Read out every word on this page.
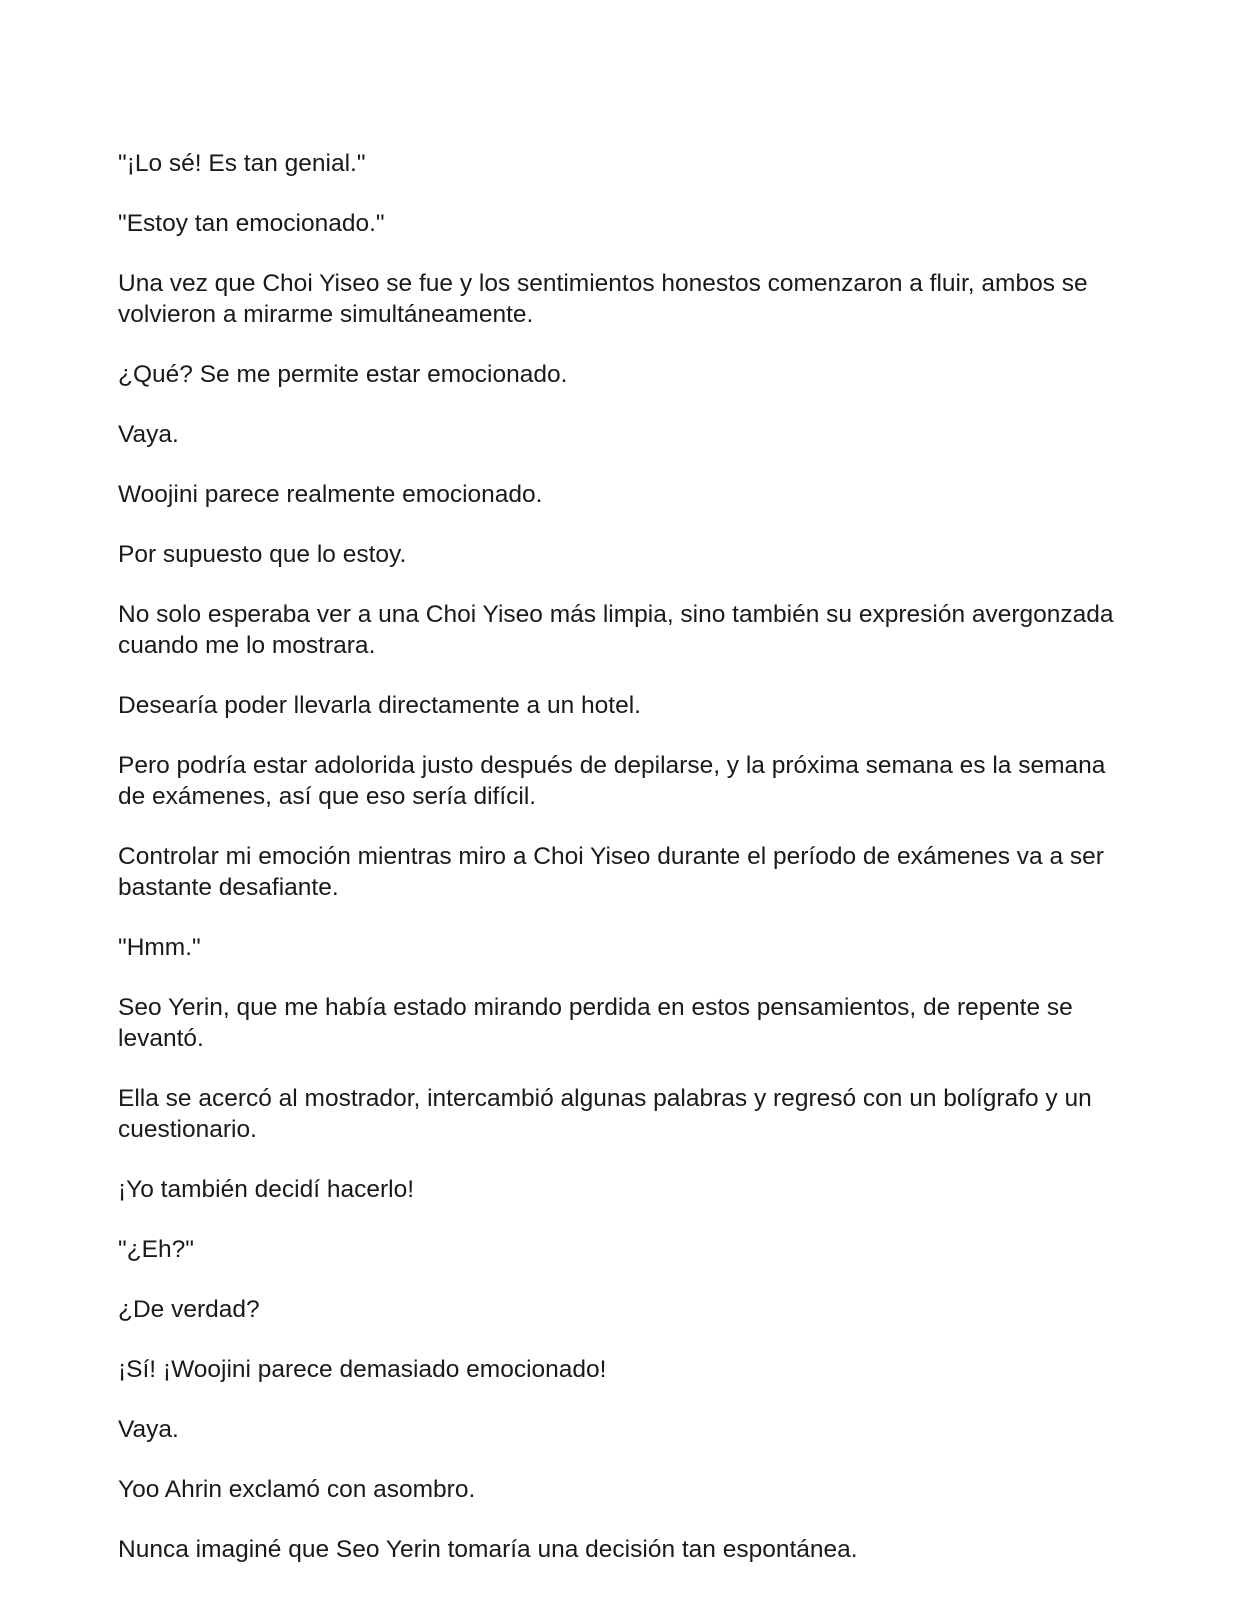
"¡Lo sé! Es tan genial."

"Estoy tan emocionado."

Una vez que Choi Yiseo se fue y los sentimientos honestos comenzaron a fluir, ambos se volvieron a mirarme simultáneamente.

¿Qué? Se me permite estar emocionado.

Vaya.

Woojini parece realmente emocionado.

Por supuesto que lo estoy.

No solo esperaba ver a una Choi Yiseo más limpia, sino también su expresión avergonzada cuando me lo mostrara.

Desearía poder llevarla directamente a un hotel.

Pero podría estar adolorida justo después de depilarse, y la próxima semana es la semana de exámenes, así que eso sería difícil.

Controlar mi emoción mientras miro a Choi Yiseo durante el período de exámenes va a ser bastante desafiante.

"Hmm."

Seo Yerin, que me había estado mirando perdida en estos pensamientos, de repente se levantó.

Ella se acercó al mostrador, intercambió algunas palabras y regresó con un bolígrafo y un cuestionario.

¡Yo también decidí hacerlo!

"¿Eh?"

¿De verdad?

¡Sí! ¡Woojini parece demasiado emocionado!

Vaya.

Yoo Ahrin exclamó con asombro.

Nunca imaginé que Seo Yerin tomaría una decisión tan espontánea.
